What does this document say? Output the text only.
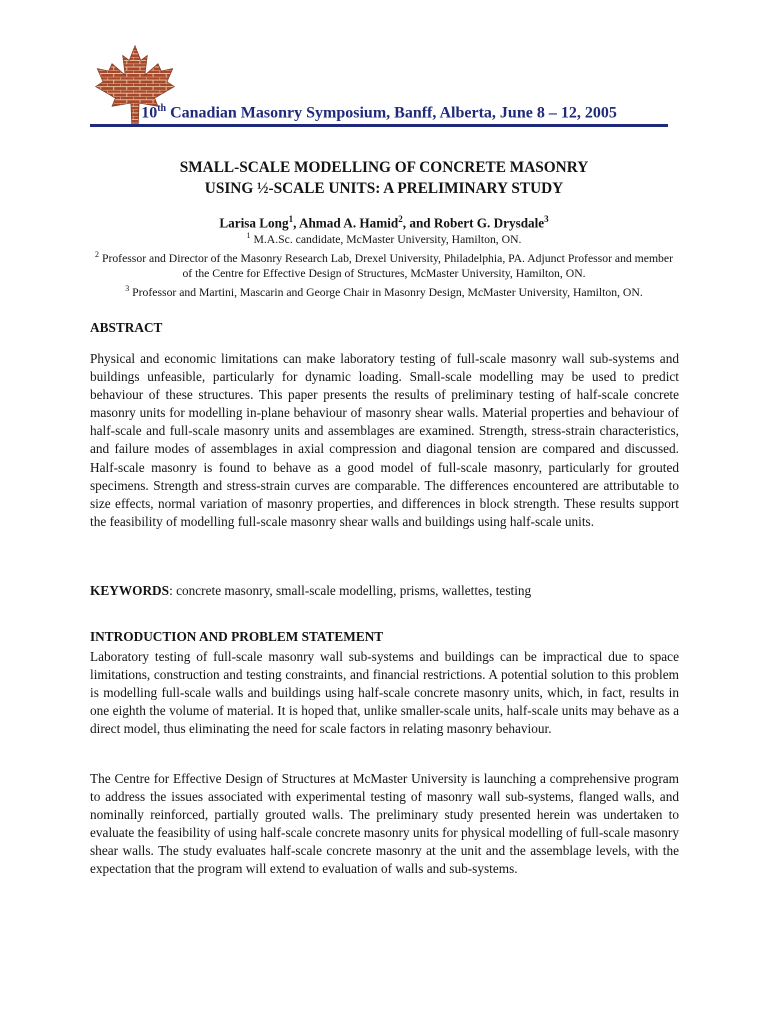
10th Canadian Masonry Symposium, Banff, Alberta, June 8 – 12, 2005
SMALL-SCALE MODELLING OF CONCRETE MASONRY
USING ½-SCALE UNITS: A PRELIMINARY STUDY
Larisa Long$^1$, Ahmad A. Hamid$^2$, and Robert G. Drysdale$^3$
$^1$ M.A.Sc. candidate, McMaster University, Hamilton, ON.
$^2$ Professor and Director of the Masonry Research Lab, Drexel University, Philadelphia, PA. Adjunct Professor and member of the Centre for Effective Design of Structures, McMaster University, Hamilton, ON.
$^3$ Professor and Martini, Mascarin and George Chair in Masonry Design, McMaster University, Hamilton, ON.
ABSTRACT
Physical and economic limitations can make laboratory testing of full-scale masonry wall sub-systems and buildings unfeasible, particularly for dynamic loading. Small-scale modelling may be used to predict behaviour of these structures. This paper presents the results of preliminary testing of half-scale concrete masonry units for modelling in-plane behaviour of masonry shear walls. Material properties and behaviour of half-scale and full-scale masonry units and assemblages are examined. Strength, stress-strain characteristics, and failure modes of assemblages in axial compression and diagonal tension are compared and discussed. Half-scale masonry is found to behave as a good model of full-scale masonry, particularly for grouted specimens. Strength and stress-strain curves are comparable. The differences encountered are attributable to size effects, normal variation of masonry properties, and differences in block strength. These results support the feasibility of modelling full-scale masonry shear walls and buildings using half-scale units.
KEYWORDS: concrete masonry, small-scale modelling, prisms, wallettes, testing
INTRODUCTION AND PROBLEM STATEMENT
Laboratory testing of full-scale masonry wall sub-systems and buildings can be impractical due to space limitations, construction and testing constraints, and financial restrictions. A potential solution to this problem is modelling full-scale walls and buildings using half-scale concrete masonry units, which, in fact, results in one eighth the volume of material. It is hoped that, unlike smaller-scale units, half-scale units may behave as a direct model, thus eliminating the need for scale factors in relating masonry behaviour.
The Centre for Effective Design of Structures at McMaster University is launching a comprehensive program to address the issues associated with experimental testing of masonry wall sub-systems, flanged walls, and nominally reinforced, partially grouted walls. The preliminary study presented herein was undertaken to evaluate the feasibility of using half-scale concrete masonry units for physical modelling of full-scale masonry shear walls. The study evaluates half-scale concrete masonry at the unit and the assemblage levels, with the expectation that the program will extend to evaluation of walls and sub-systems.
